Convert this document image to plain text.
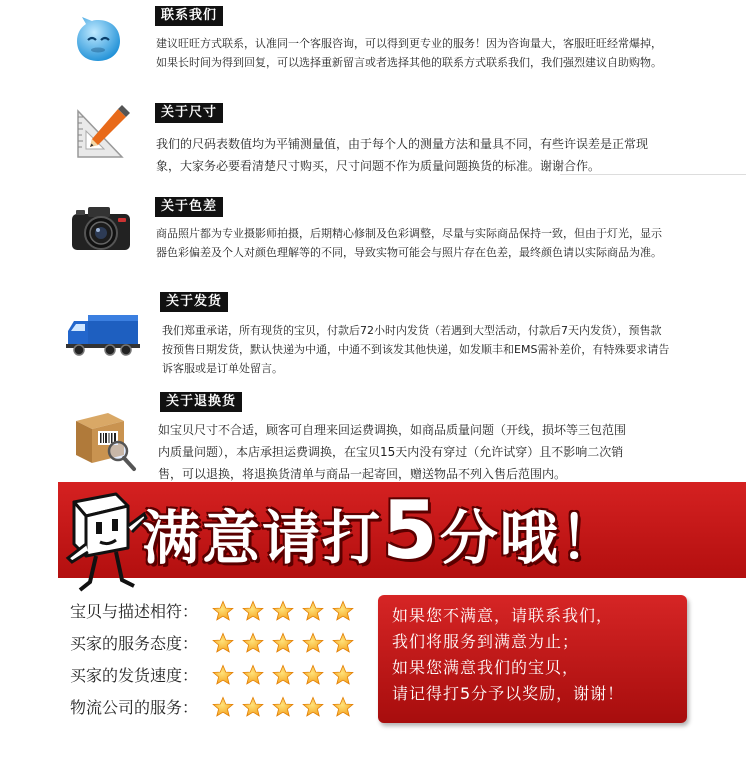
联系我们
建议旺旺方式联系，认准同一个客服咨询，可以得到更专业的服务！因为咨询量大，客服旺旺经常爆掉，
如果长时间为得到回复，可以选择重新留言或者选择其他的联系方式联系我们，我们强烈建议自助购物。
关于尺寸
我们的尺码表数值均为平铺测量值，由于每个人的测量方法和量具不同，有些许误差是正常现
象，大家务必要看清楚尺寸购买，尺寸问题不作为质量问题换货的标准。谢谢合作。
关于色差
商品照片都为专业摄影师拍摄，后期精心修制及色彩调整，尽量与实际商品保持一致，但由于灯光，显示
器色彩偏差及个人对颜色理解等的不同，导致实物可能会与照片存在色差，最终颜色请以实际商品为准。
关于发货
我们郑重承诺，所有现货的宝贝，付款后72小时内发货（若遇到大型活动，付款后7天内发货），预售款
按预售日期发货，默认快递为中通，中通不到该发其他快递，如发顺丰和EMS需补差价，有特殊要求请告
诉客服或是订单处留言。
关于退换货
如宝贝尺寸不合适，顾客可自理来回运费调换，如商品质量问题（开线，损坏等三包范围
内质量问题），本店承担运费调换，在宝贝15天内没有穿过（允许试穿）且不影响二次销
售，可以退换，将退换货清单与商品一起寄回，赠送物品不列入售后范围内。
满意请打5分哦！
宝贝与描述相符：
买家的服务态度：
买家的发货速度：
物流公司的服务：
如果您不满意，请联系我们，
我们将服务到满意为止；
如果您满意我们的宝贝，
请记得打5分予以奖励，谢谢！
